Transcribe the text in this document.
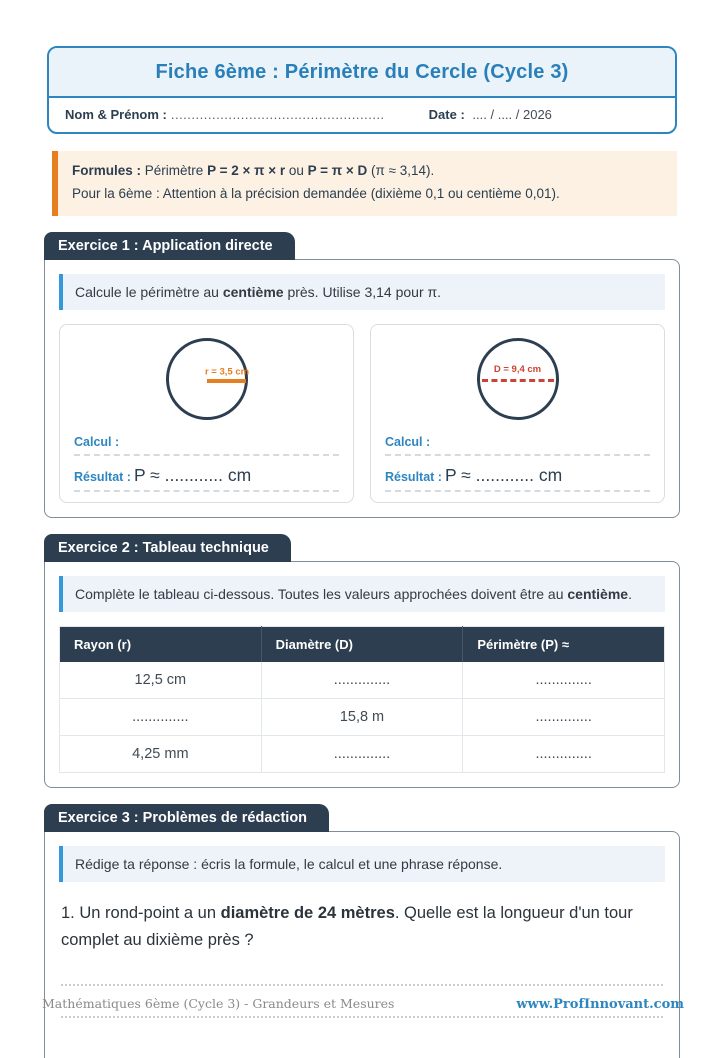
Fiche 6ème : Périmètre du Cercle (Cycle 3)
Nom & Prénom : ....................................................	Date : .... / .... / 2026
Formules : Périmètre P = 2 × π × r ou P = π × D (π ≈ 3,14).
Pour la 6ème : Attention à la précision demandée (dixième 0,1 ou centième 0,01).
Exercice 1 : Application directe
Calcule le périmètre au centième près. Utilise 3,14 pour π.
r = 3,5 cm
Calcul :
Résultat : P ≈ ............ cm
D = 9,4 cm
Calcul :
Résultat : P ≈ ............ cm
Exercice 2 : Tableau technique
Complète le tableau ci-dessous. Toutes les valeurs approchées doivent être au centième.
Rayon (r)	Diamètre (D)	Périmètre (P) ≈
12,5 cm	..............	..............
..............	15,8 m	..............
4,25 mm	..............	..............
Exercice 3 : Problèmes de rédaction
Rédige ta réponse : écris la formule, le calcul et une phrase réponse.
1. Un rond-point a un diamètre de 24 mètres. Quelle est la longueur d'un tour complet au dixième près ?
Mathématiques 6ème (Cycle 3) - Grandeurs et Mesures	www.ProfInnovant.com
